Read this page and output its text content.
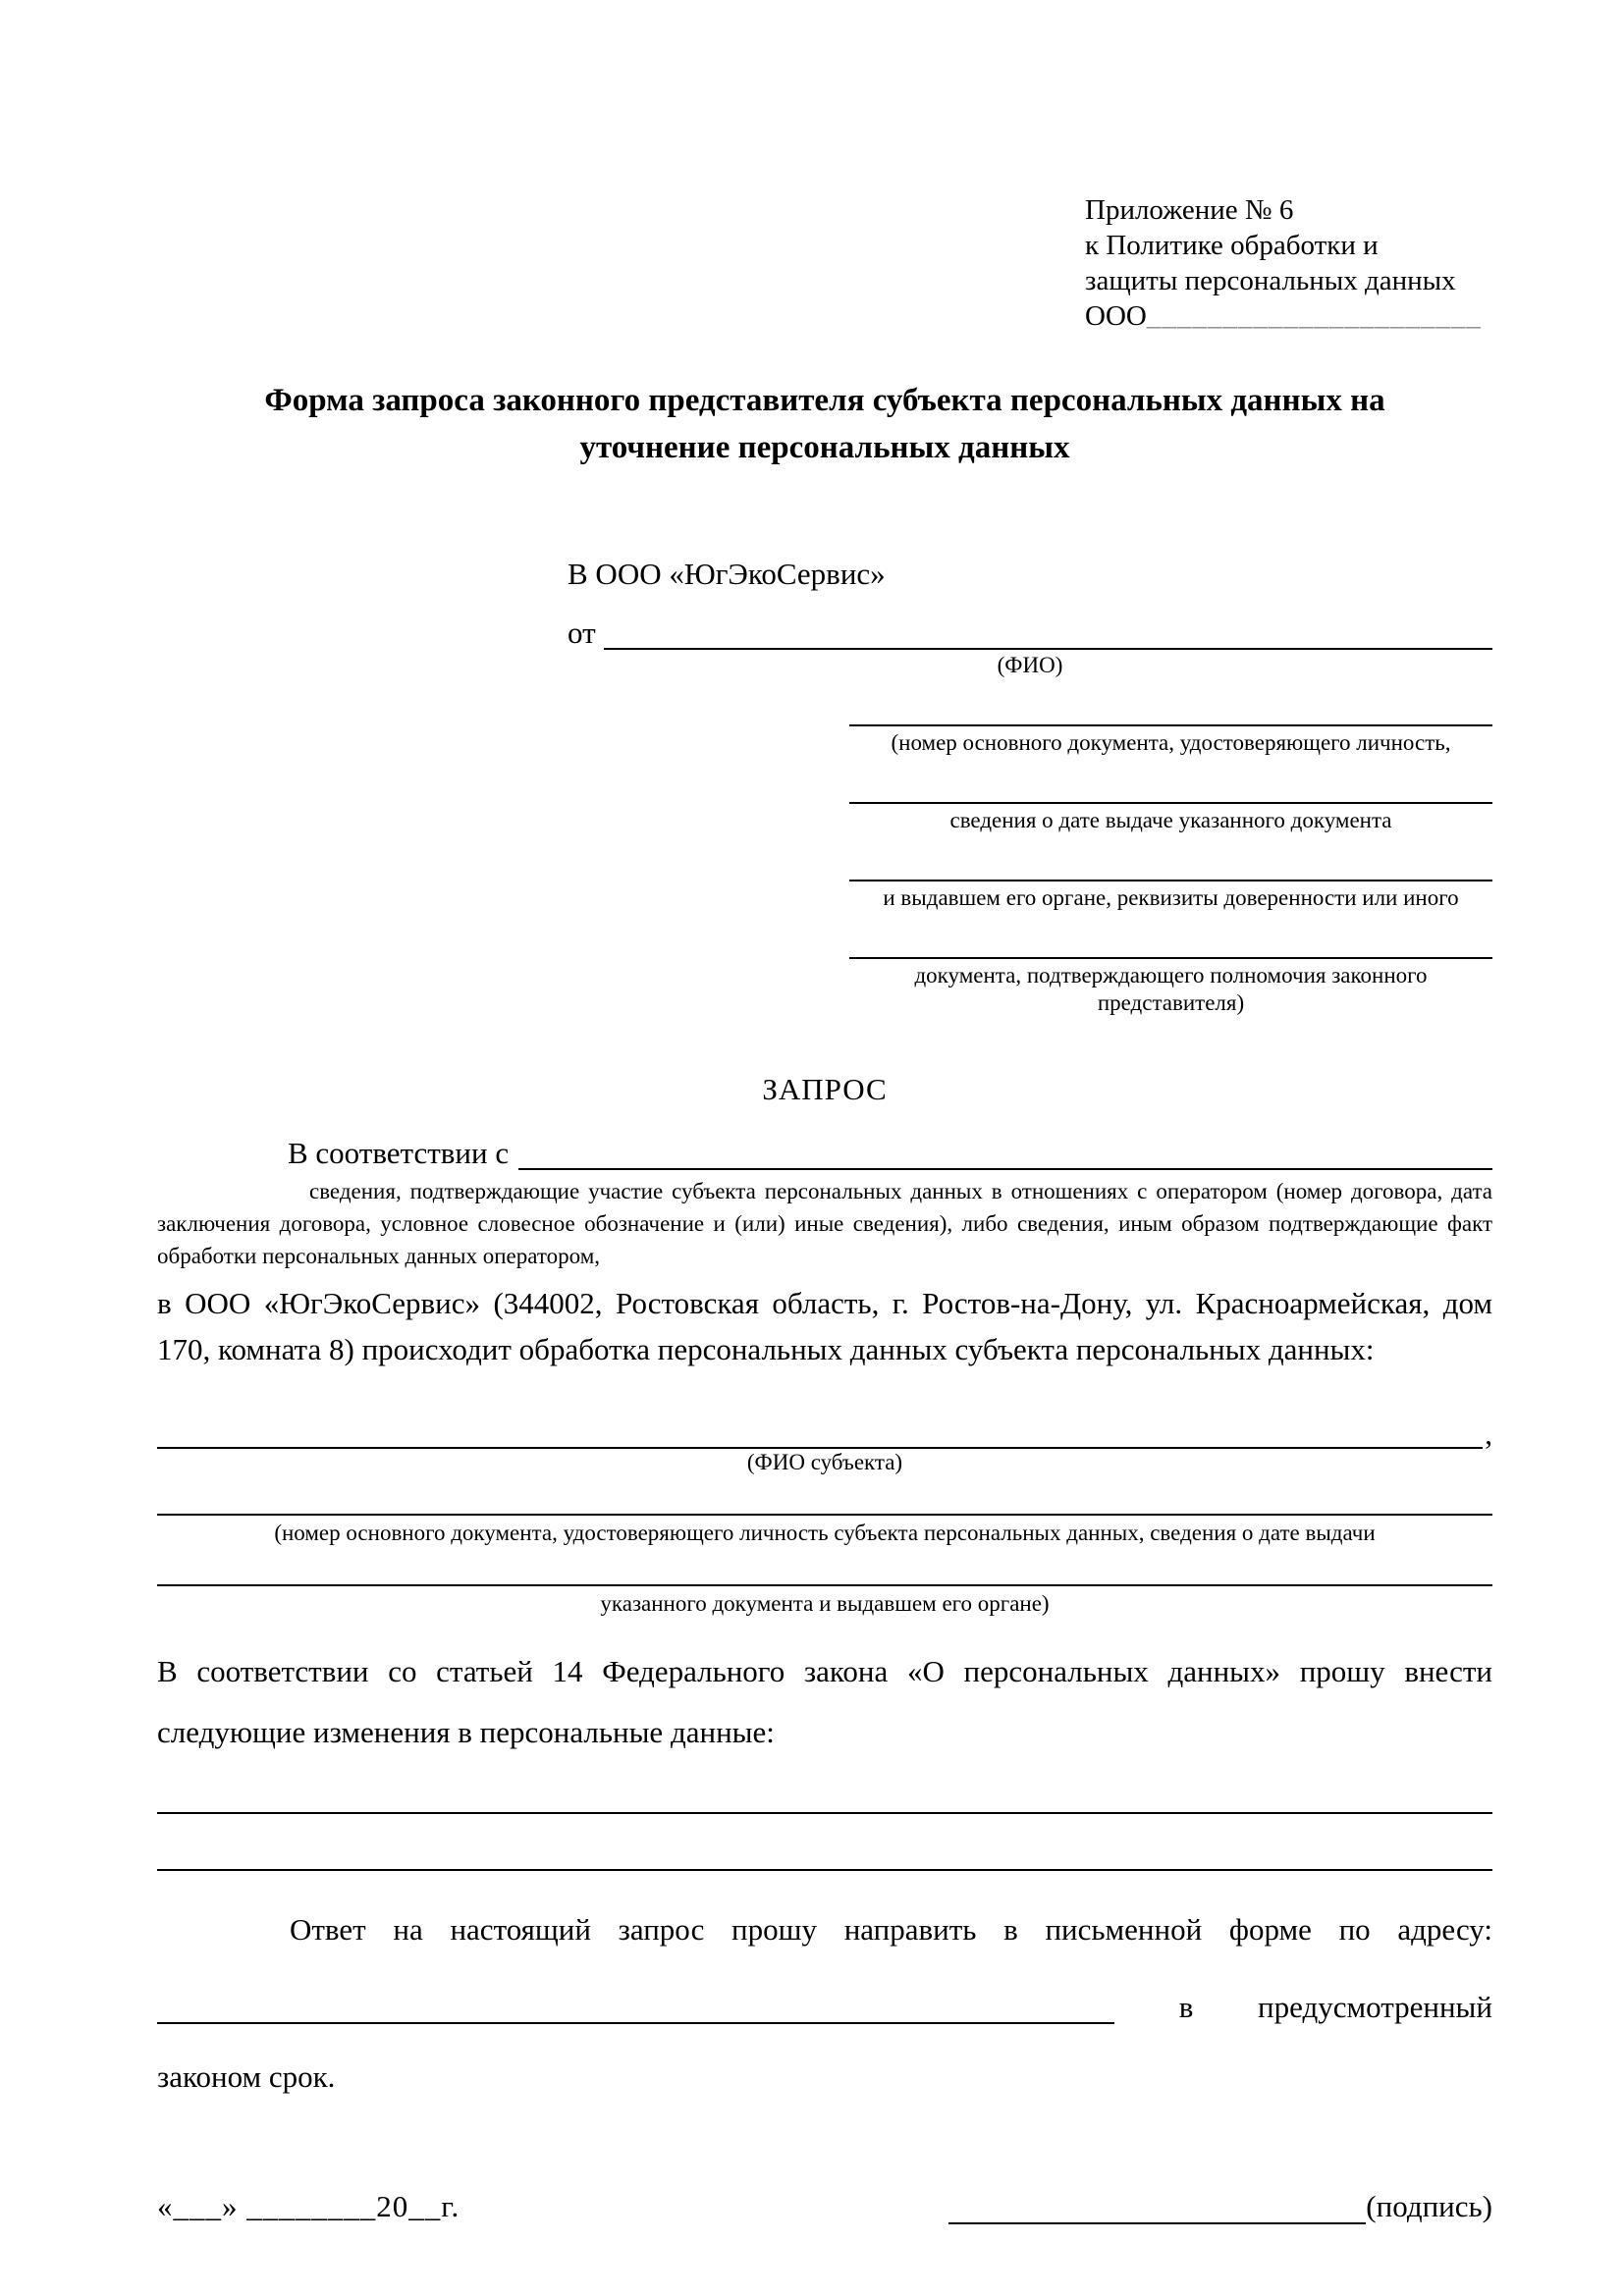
Приложение № 6
к Политике обработки и
защиты персональных данных
ООО______________________
Форма запроса законного представителя субъекта персональных данных на уточнение персональных данных
В ООО «ЮгЭкоСервис»
от
(ФИО)
(номер основного документа, удостоверяющего личность,
сведения о дате выдаче указанного документа
и выдавшем его органе, реквизиты доверенности или иного
документа, подтверждающего полномочия законного представителя)
ЗАПРОС
В соответствии с
сведения, подтверждающие участие субъекта персональных данных в отношениях с оператором (номер договора, дата заключения договора, условное словесное обозначение и (или) иные сведения), либо сведения, иным образом подтверждающие факт обработки персональных данных оператором,
в ООО «ЮгЭкоСервис» (344002, Ростовская область, г. Ростов-на-Дону, ул. Красноармейская, дом 170, комната 8) происходит обработка персональных данных субъекта персональных данных:
,
(ФИО субъекта)
(номер основного документа, удостоверяющего личность субъекта персональных данных, сведения о дате выдачи
указанного документа и выдавшем его органе)
В соответствии со статьей 14 Федерального закона «О персональных данных» прошу внести следующие изменения в персональные данные:
Ответ на настоящий запрос прошу направить в письменной форме по адресу:
в предусмотренный
законом срок.
«___» ________20__г.	(подпись)
